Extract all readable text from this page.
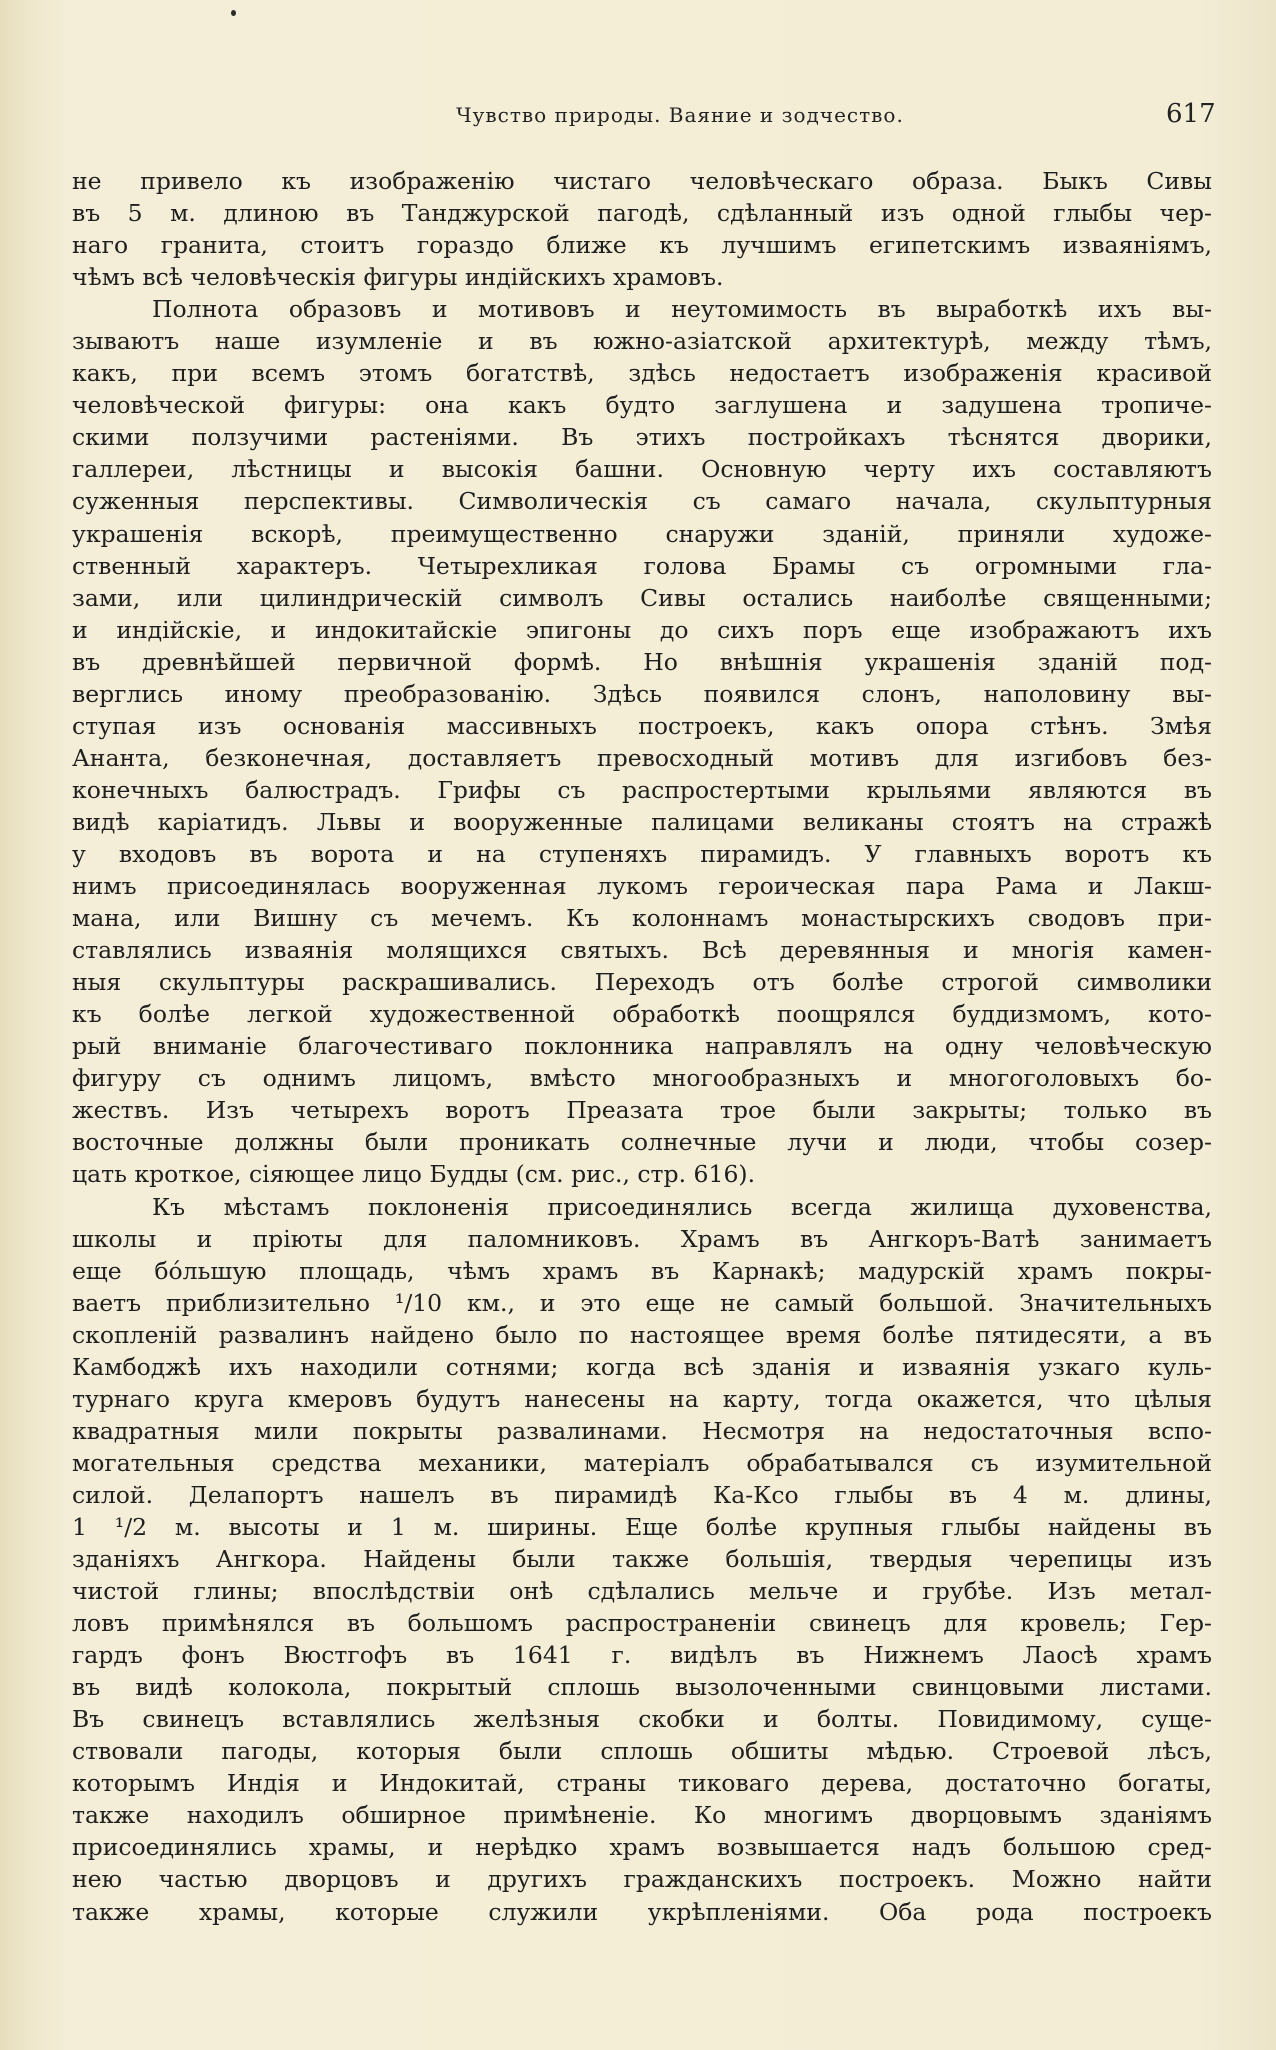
Чувство природы. Ваяние и зодчество.	617
не привело къ изображенію чистаго человѣческаго образа. Быкъ Сивы
въ 5 м. длиною въ Танджурской пагодѣ, сдѣланный изъ одной глыбы чер-
наго гранита, стоитъ гораздо ближе къ лучшимъ египетскимъ изваяніямъ,
чѣмъ всѣ человѣческія фигуры индійскихъ храмовъ.
Полнота образовъ и мотивовъ и неутомимость въ выработкѣ ихъ вы-
зываютъ наше изумленіе и въ южно-азіатской архитектурѣ, между тѣмъ,
какъ, при всемъ этомъ богатствѣ, здѣсь недостаетъ изображенія красивой
человѣческой фигуры: она какъ будто заглушена и задушена тропиче-
скими ползучими растеніями. Въ этихъ постройкахъ тѣснятся дворики,
галлереи, лѣстницы и высокія башни. Основную черту ихъ составляютъ
суженныя перспективы. Символическія съ самаго начала, скульптурныя
украшенія вскорѣ, преимущественно снаружи зданій, приняли художе-
ственный характеръ. Четырехликая голова Брамы съ огромными гла-
зами, или цилиндрическій символъ Сивы остались наиболѣе священными;
и индійскіе, и индокитайскіе эпигоны до сихъ поръ еще изображаютъ ихъ
въ древнѣйшей первичной формѣ. Но внѣшнія украшенія зданій под-
верглись иному преобразованію. Здѣсь появился слонъ, наполовину вы-
ступая изъ основанія массивныхъ построекъ, какъ опора стѣнъ. Змѣя
Ананта, безконечная, доставляетъ превосходный мотивъ для изгибовъ без-
конечныхъ балюстрадъ. Грифы съ распростертыми крыльями являются въ
видѣ каріатидъ. Львы и вооруженные палицами великаны стоятъ на стражѣ
у входовъ въ ворота и на ступеняхъ пирамидъ. У главныхъ воротъ къ
нимъ присоединялась вооруженная лукомъ героическая пара Рама и Лакш-
мана, или Вишну съ мечемъ. Къ колоннамъ монастырскихъ сводовъ при-
ставлялись изваянія молящихся святыхъ. Всѣ деревянныя и многія камен-
ныя скульптуры раскрашивались. Переходъ отъ болѣе строгой символики
къ болѣе легкой художественной обработкѣ поощрялся буддизмомъ, кото-
рый вниманіе благочестиваго поклонника направлялъ на одну человѣческую
фигуру съ однимъ лицомъ, вмѣсто многообразныхъ и многоголовыхъ бо-
жествъ. Изъ четырехъ воротъ Преазата трое были закрыты; только въ
восточные должны были проникать солнечные лучи и люди, чтобы созер-
цать кроткое, сіяющее лицо Будды (см. рис., стр. 616).
Къ мѣстамъ поклоненія присоединялись всегда жилища духовенства,
школы и пріюты для паломниковъ. Храмъ въ Ангкоръ-Ватѣ занимаетъ
еще бо́льшую площадь, чѣмъ храмъ въ Карнакѣ; мадурскій храмъ покры-
ваетъ приблизительно ¹/10 км., и это еще не самый большой. Значительныхъ
скопленій развалинъ найдено было по настоящее время болѣе пятидесяти, а въ
Камбоджѣ ихъ находили сотнями; когда всѣ зданія и изваянія узкаго куль-
турнаго круга кмеровъ будутъ нанесены на карту, тогда окажется, что цѣлыя
квадратныя мили покрыты развалинами. Несмотря на недостаточныя вспо-
могательныя средства механики, матеріалъ обрабатывался съ изумительной
силой. Делапортъ нашелъ въ пирамидѣ Ка-Ксо глыбы въ 4 м. длины,
1 ¹/2 м. высоты и 1 м. ширины. Еще болѣе крупныя глыбы найдены въ
зданіяхъ Ангкора. Найдены были также большія, твердыя черепицы изъ
чистой глины; впослѣдствіи онѣ сдѣлались мельче и грубѣе. Изъ метал-
ловъ примѣнялся въ большомъ распространеніи свинецъ для кровель; Гер-
гардъ фонъ Вюстгофъ въ 1641 г. видѣлъ въ Нижнемъ Лаосѣ храмъ
въ видѣ колокола, покрытый сплошь вызолоченными свинцовыми листами.
Въ свинецъ вставлялись желѣзныя скобки и болты. Повидимому, суще-
ствовали пагоды, которыя были сплошь обшиты мѣдью. Строевой лѣсъ,
которымъ Индія и Индокитай, страны тиковаго дерева, достаточно богаты,
также находилъ обширное примѣненіе. Ко многимъ дворцовымъ зданіямъ
присоединялись храмы, и нерѣдко храмъ возвышается надъ большою сред-
нею частью дворцовъ и другихъ гражданскихъ построекъ. Можно найти
также храмы, которые служили укрѣпленіями. Оба рода построекъ
